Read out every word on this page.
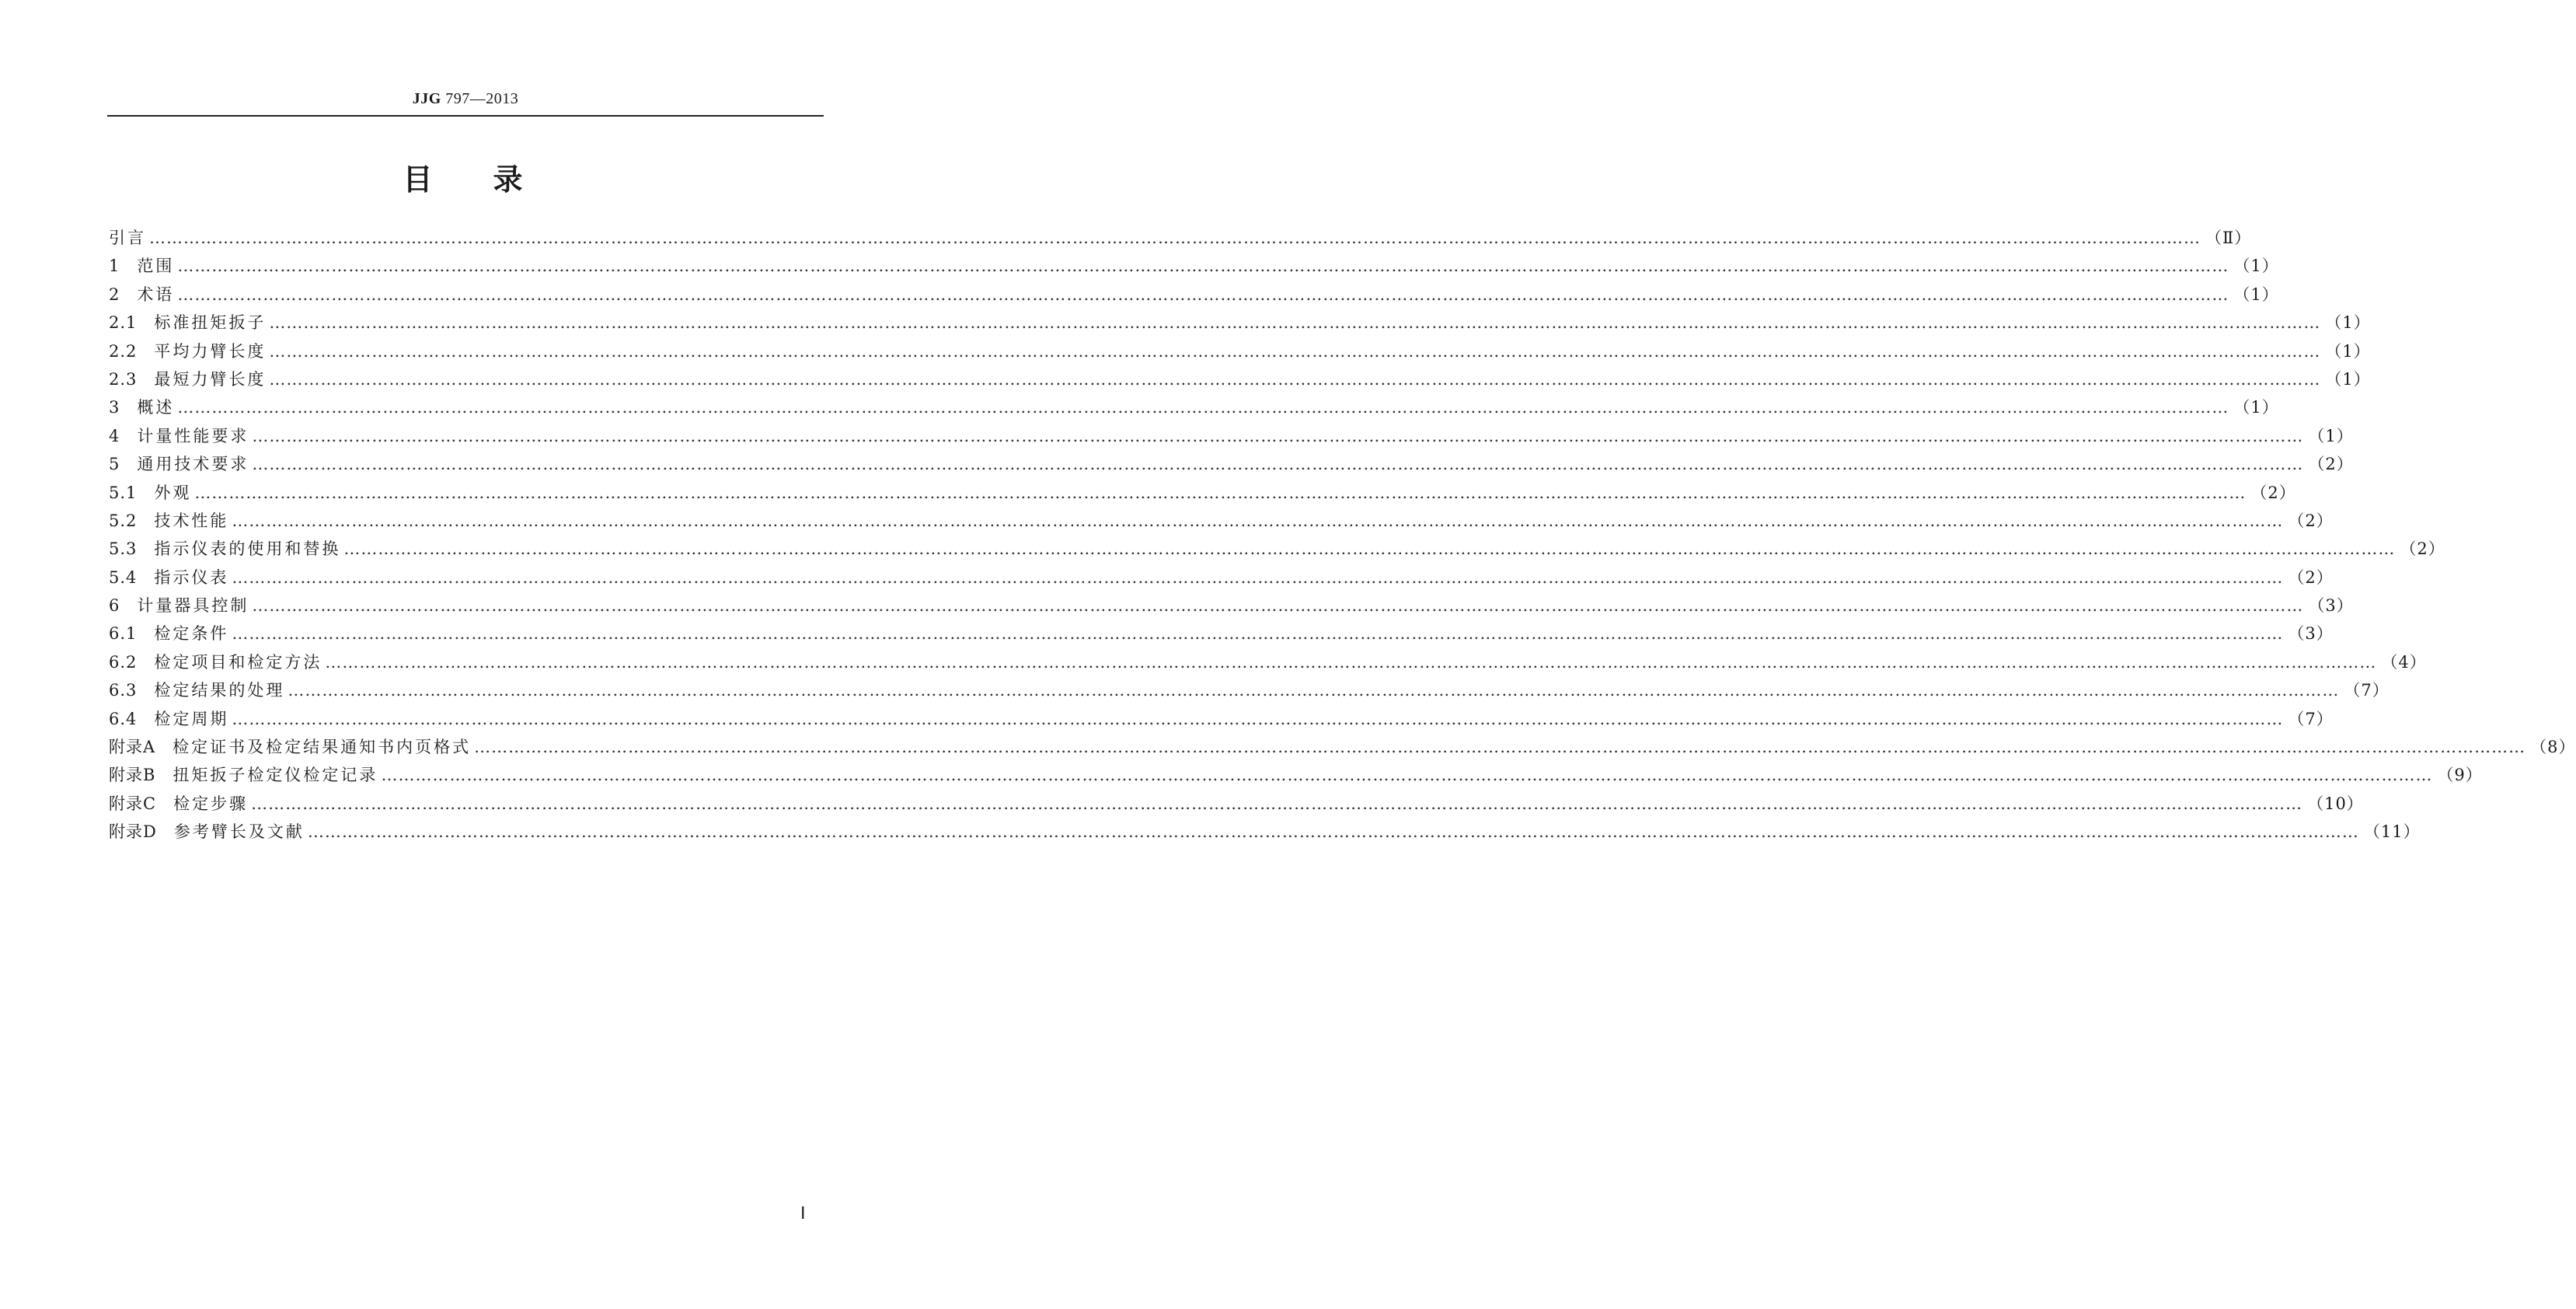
JJG 797—2013
目录
引言 ……………………………………………………………………………………………………………………………………………………………………………………………………………………………………………………………………………………………………………………………… （Ⅱ）
1　 范围 ……………………………………………………………………………………………………………………………………………………………………………………………………………………………………………………………………………………………………………………………… （1）
2　 术语 ……………………………………………………………………………………………………………………………………………………………………………………………………………………………………………………………………………………………………………………………… （1）
2.1　 标准扭矩扳子 ……………………………………………………………………………………………………………………………………………………………………………………………………………………………………………………………………………………………………………………………… （1）
2.2　 平均力臂长度 ……………………………………………………………………………………………………………………………………………………………………………………………………………………………………………………………………………………………………………………………… （1）
2.3　 最短力臂长度 ……………………………………………………………………………………………………………………………………………………………………………………………………………………………………………………………………………………………………………………………… （1）
3　 概述 ……………………………………………………………………………………………………………………………………………………………………………………………………………………………………………………………………………………………………………………………… （1）
4　 计量性能要求 ……………………………………………………………………………………………………………………………………………………………………………………………………………………………………………………………………………………………………………………………… （1）
5　 通用技术要求 ……………………………………………………………………………………………………………………………………………………………………………………………………………………………………………………………………………………………………………………………… （2）
5.1　 外观 ……………………………………………………………………………………………………………………………………………………………………………………………………………………………………………………………………………………………………………………………… （2）
5.2　 技术性能 ……………………………………………………………………………………………………………………………………………………………………………………………………………………………………………………………………………………………………………………………… （2）
5.3　 指示仪表的使用和替换 ……………………………………………………………………………………………………………………………………………………………………………………………………………………………………………………………………………………………………………………………… （2）
5.4　 指示仪表 ……………………………………………………………………………………………………………………………………………………………………………………………………………………………………………………………………………………………………………………………… （2）
6　 计量器具控制 ……………………………………………………………………………………………………………………………………………………………………………………………………………………………………………………………………………………………………………………………… （3）
6.1　 检定条件 ……………………………………………………………………………………………………………………………………………………………………………………………………………………………………………………………………………………………………………………………… （3）
6.2　 检定项目和检定方法 ……………………………………………………………………………………………………………………………………………………………………………………………………………………………………………………………………………………………………………………………… （4）
6.3　 检定结果的处理 ……………………………………………………………………………………………………………………………………………………………………………………………………………………………………………………………………………………………………………………………… （7）
6.4　 检定周期 ……………………………………………………………………………………………………………………………………………………………………………………………………………………………………………………………………………………………………………………………… （7）
附录A　 检定证书及检定结果通知书内页格式 ……………………………………………………………………………………………………………………………………………………………………………………………………………………………………………………………………………………………………………………………… （8）
附录B　 扭矩扳子检定仪检定记录 ……………………………………………………………………………………………………………………………………………………………………………………………………………………………………………………………………………………………………………………………… （9）
附录C　 检定步骤 ……………………………………………………………………………………………………………………………………………………………………………………………………………………………………………………………………………………………………………………………… （10）
附录D　 参考臂长及文献 ……………………………………………………………………………………………………………………………………………………………………………………………………………………………………………………………………………………………………………………………… （11）
Ⅰ
